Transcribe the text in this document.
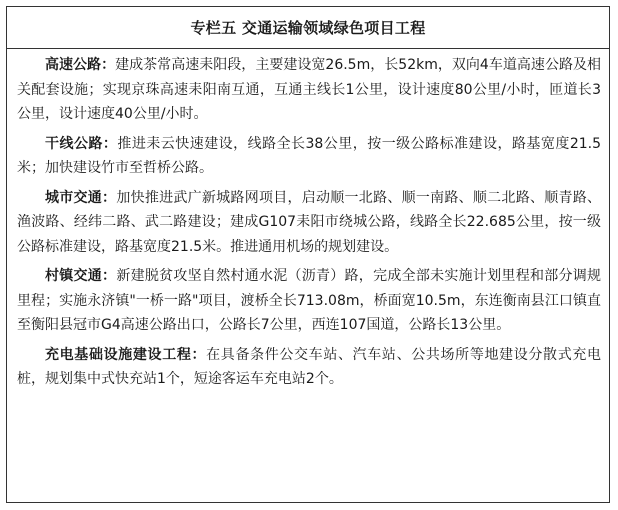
专栏五 交通运输领域绿色项目工程

高速公路：建成茶常高速耒阳段，主要建设宽26.5m，长52km，双向4车道高速公路及相关配套设施；实现京珠高速耒阳南互通，互通主线长1公里，设计速度80公里/小时，匝道长3公里，设计速度40公里/小时。

干线公路：推进耒云快速建设，线路全长38公里，按一级公路标准建设，路基宽度21.5米；加快建设竹市至哲桥公路。

城市交通：加快推进武广新城路网项目，启动顺一北路、顺一南路、顺二北路、顺青路、渔波路、经纬二路、武二路建设；建成G107耒阳市绕城公路，线路全长22.685公里，按一级公路标准建设，路基宽度21.5米。推进通用机场的规划建设。

村镇交通：新建脱贫攻坚自然村通水泥（沥青）路，完成全部未实施计划里程和部分调规里程；实施永济镇"一桥一路"项目，渡桥全长713.08m，桥面宽10.5m，东连衡南县江口镇直至衡阳县冠市G4高速公路出口，公路长7公里，西连107国道，公路长13公里。

充电基础设施建设工程：在具备条件公交车站、汽车站、公共场所等地建设分散式充电桩，规划集中式快充站1个，短途客运车充电站2个。
